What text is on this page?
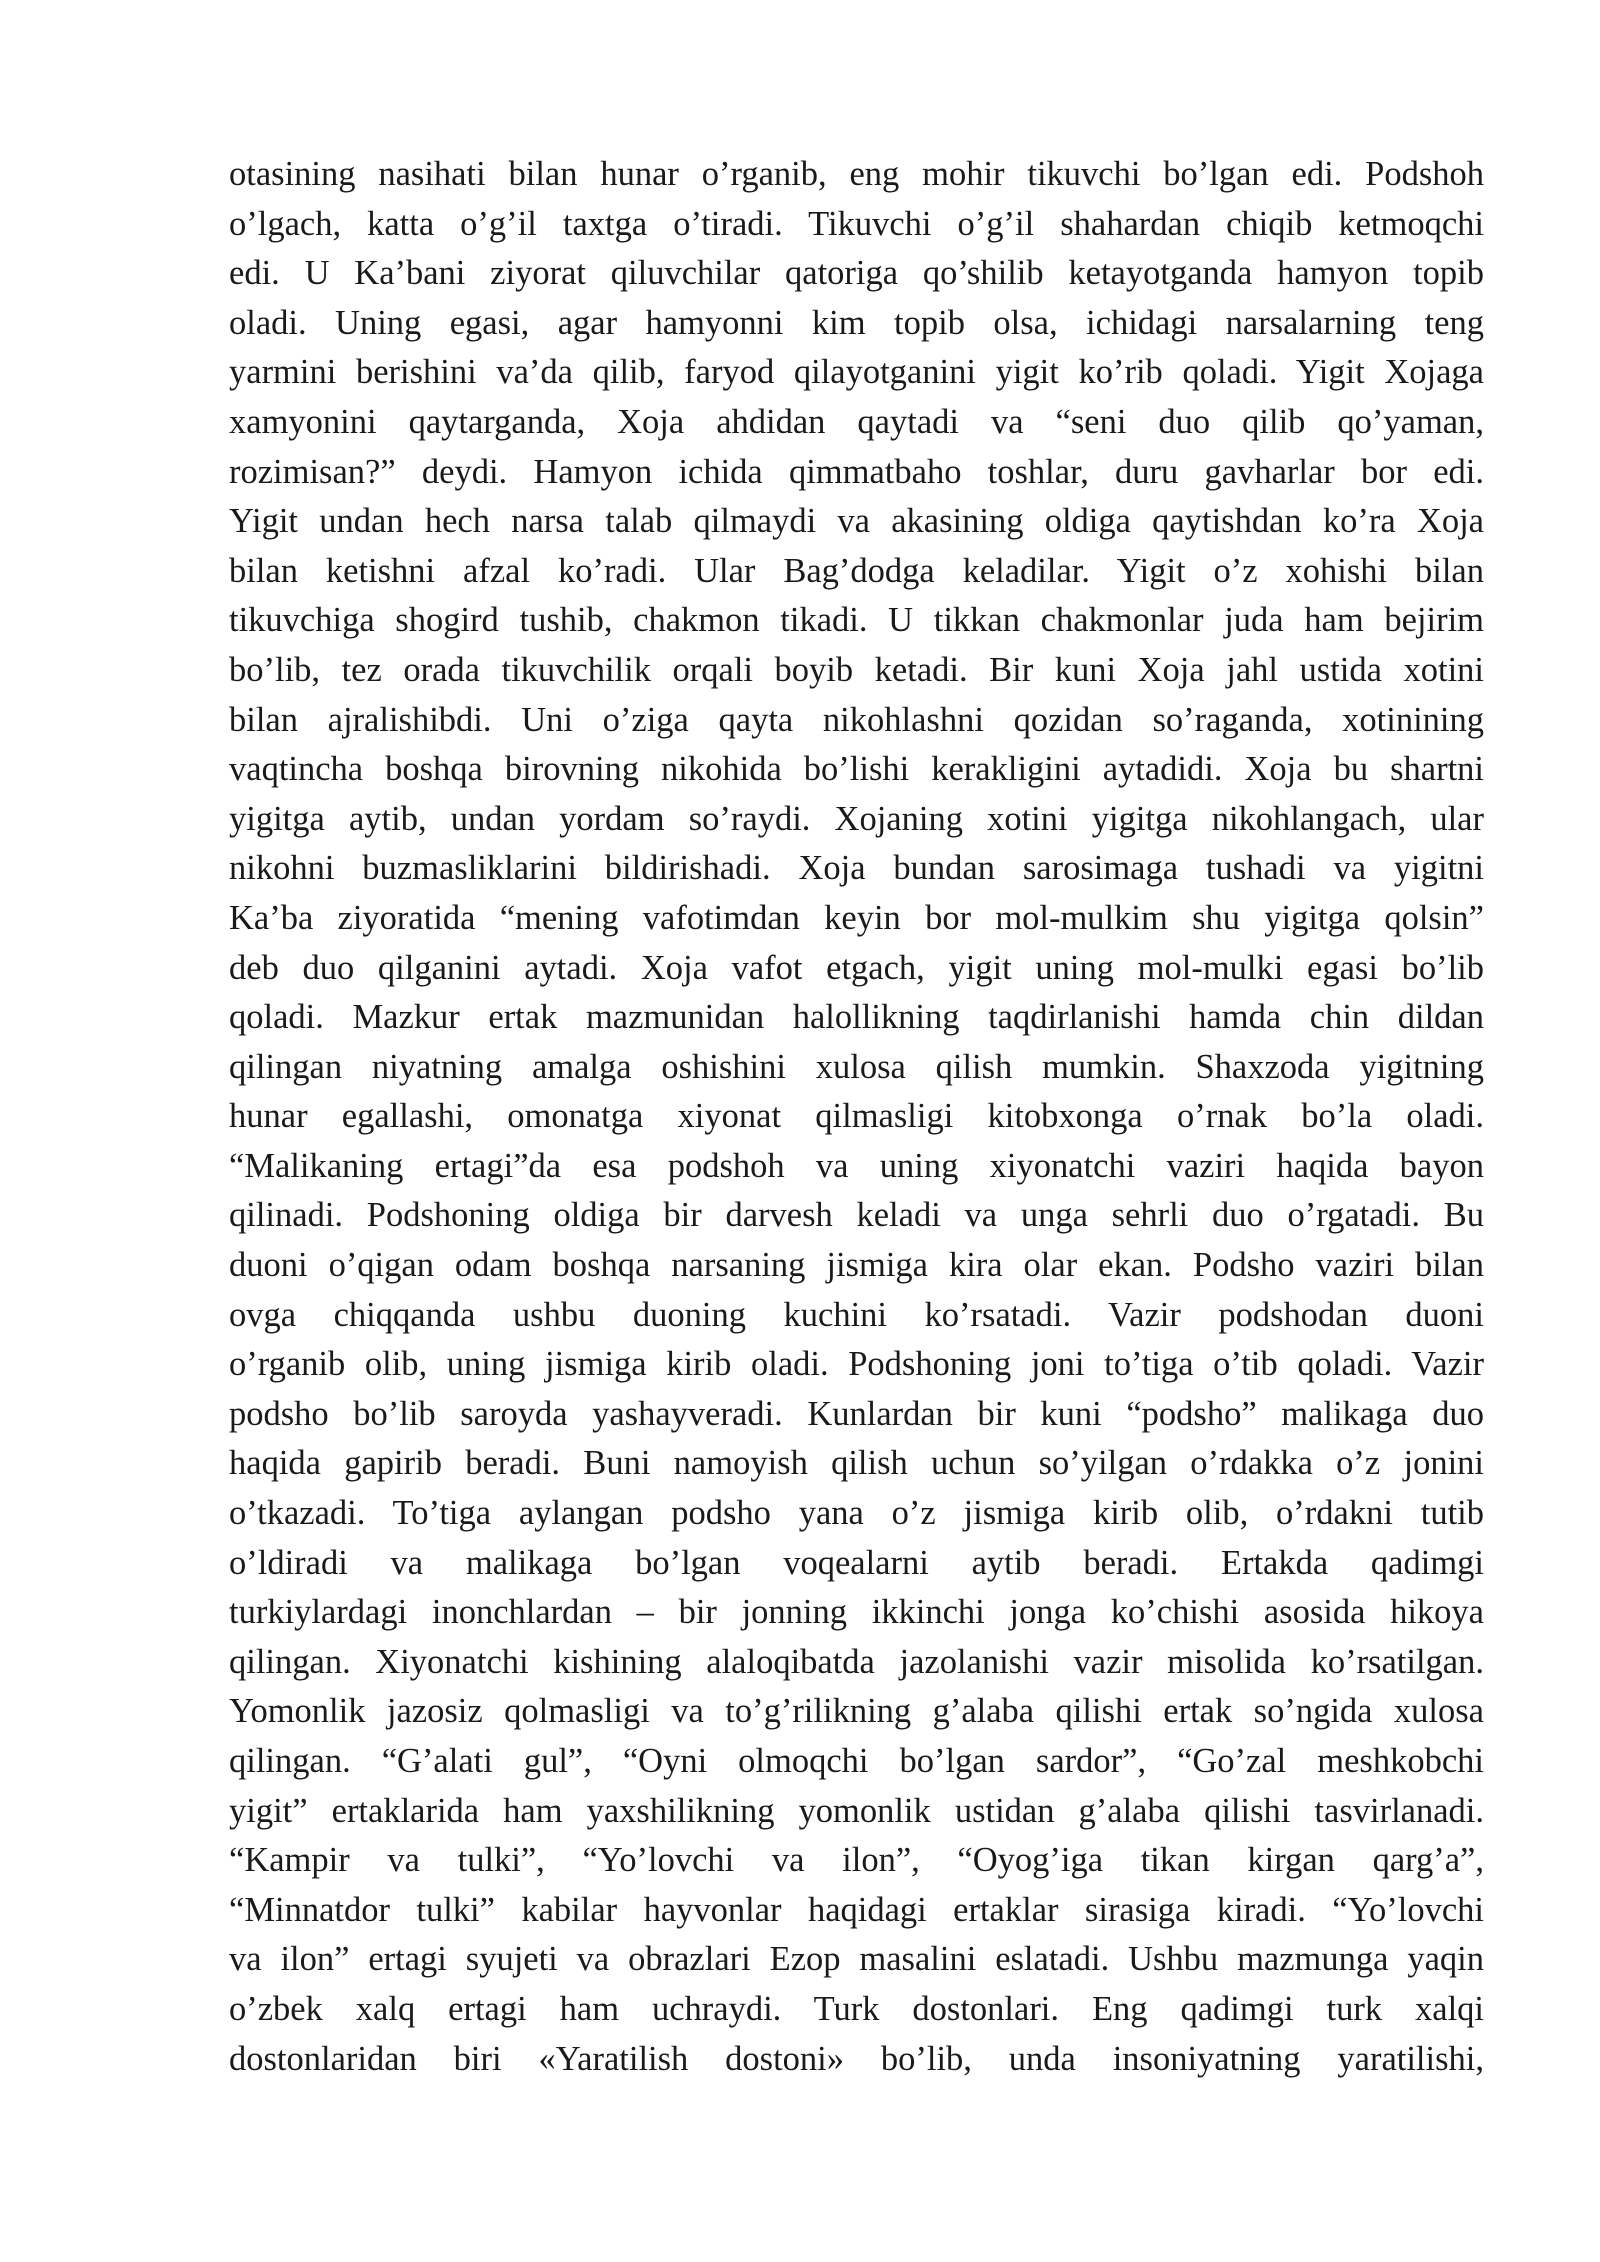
otasining nasihati bilan hunar o’rganib, eng mohir tikuvchi bo’lgan edi. Podshoh
o’lgach, katta o’g’il taxtga o’tiradi. Tikuvchi o’g’il shahardan chiqib ketmoqchi
edi. U Ka’bani ziyorat qiluvchilar qatoriga qo’shilib ketayotganda hamyon topib
oladi. Uning egasi, agar hamyonni kim topib olsa, ichidagi narsalarning teng
yarmini berishini va’da qilib, faryod qilayotganini yigit ko’rib qoladi. Yigit Xojaga
xamyonini qaytarganda, Xoja ahdidan qaytadi va “seni duo qilib qo’yaman,
rozimisan?” deydi. Hamyon ichida qimmatbaho toshlar, duru gavharlar bor edi.
Yigit undan hech narsa talab qilmaydi va akasining oldiga qaytishdan ko’ra Xoja
bilan ketishni afzal ko’radi. Ular Bag’dodga keladilar. Yigit o’z xohishi bilan
tikuvchiga shogird tushib, chakmon tikadi. U tikkan chakmonlar juda ham bejirim
bo’lib, tez orada tikuvchilik orqali boyib ketadi. Bir kuni Xoja jahl ustida xotini
bilan ajralishibdi. Uni o’ziga qayta nikohlashni qozidan so’raganda, xotinining
vaqtincha boshqa birovning nikohida bo’lishi kerakligini aytadidi. Xoja bu shartni
yigitga aytib, undan yordam so’raydi. Xojaning xotini yigitga nikohlangach, ular
nikohni buzmasliklarini bildirishadi. Xoja bundan sarosimaga tushadi va yigitni
Ka’ba ziyoratida “mening vafotimdan keyin bor mol-mulkim shu yigitga qolsin”
deb duo qilganini aytadi. Xoja vafot etgach, yigit uning mol-mulki egasi bo’lib
qoladi. Mazkur ertak mazmunidan halollikning taqdirlanishi hamda chin dildan
qilingan niyatning amalga oshishini xulosa qilish mumkin. Shaxzoda yigitning
hunar egallashi, omonatga xiyonat qilmasligi kitobxonga o’rnak bo’la oladi.
“Malikaning ertagi”da esa podshoh va uning xiyonatchi vaziri haqida bayon
qilinadi. Podshoning oldiga bir darvesh keladi va unga sehrli duo o’rgatadi. Bu
duoni o’qigan odam boshqa narsaning jismiga kira olar ekan. Podsho vaziri bilan
ovga chiqqanda ushbu duoning kuchini ko’rsatadi. Vazir podshodan duoni
o’rganib olib, uning jismiga kirib oladi. Podshoning joni to’tiga o’tib qoladi. Vazir
podsho bo’lib saroyda yashayveradi. Kunlardan bir kuni “podsho” malikaga duo
haqida gapirib beradi. Buni namoyish qilish uchun so’yilgan o’rdakka o’z jonini
o’tkazadi. To’tiga aylangan podsho yana o’z jismiga kirib olib, o’rdakni tutib
o’ldiradi va malikaga bo’lgan voqealarni aytib beradi. Ertakda qadimgi
turkiylardagi inonchlardan – bir jonning ikkinchi jonga ko’chishi asosida hikoya
qilingan. Xiyonatchi kishining alaloqibatda jazolanishi vazir misolida ko’rsatilgan.
Yomonlik jazosiz qolmasligi va to’g’rilikning g’alaba qilishi ertak so’ngida xulosa
qilingan. “G’alati gul”, “Oyni olmoqchi bo’lgan sardor”, “Go’zal meshkobchi
yigit” ertaklarida ham yaxshilikning yomonlik ustidan g’alaba qilishi tasvirlanadi.
“Kampir va tulki”, “Yo’lovchi va ilon”, “Oyog’iga tikan kirgan qarg’a”,
“Minnatdor tulki” kabilar hayvonlar haqidagi ertaklar sirasiga kiradi. “Yo’lovchi
va ilon” ertagi syujeti va obrazlari Ezop masalini eslatadi. Ushbu mazmunga yaqin
o’zbek xalq ertagi ham uchraydi. Turk dostonlari. Eng qadimgi turk xalqi
dostonlaridan biri «Yaratilish dostoni» bo’lib, unda insoniyatning yaratilishi,
